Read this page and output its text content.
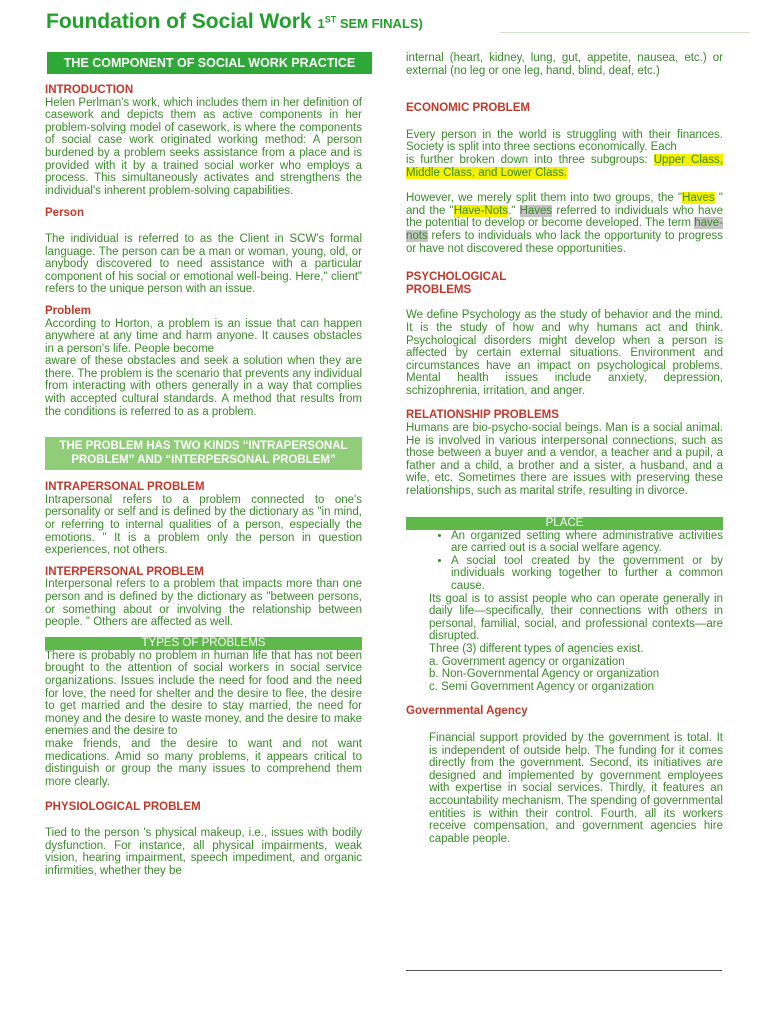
Foundation of Social Work 1ST SEM FINALS)
THE COMPONENT OF SOCIAL WORK PRACTICE
INTRODUCTION

Helen Perlman's work, which includes them in her definition of casework and depicts them as active components in her problem-solving model of casework, is where the components of social case work originated working method: A person burdened by a problem seeks assistance from a place and is provided with it by a trained social worker who employs a process. This simultaneously activates and strengthens the individual's inherent problem-solving capabilities.

Person

The individual is referred to as the Client in SCW's formal language. The person can be a man or woman, young, old, or anybody discovered to need assistance with a particular component of his social or emotional well-being. Here," client" refers to the unique person with an issue.

Problem

According to Horton, a problem is an issue that can happen anywhere at any time and harm anyone. It causes obstacles in a person's life. People become

aware of these obstacles and seek a solution when they are there. The problem is the scenario that prevents any individual from interacting with others generally in a way that complies with accepted cultural standards. A method that results from the conditions is referred to as a problem.

THE PROBLEM HAS TWO KINDS “INTRAPERSONAL PROBLEM” AND “INTERPERSONAL PROBLEM”
INTRAPERSONAL PROBLEM

Intrapersonal refers to a problem connected to one's personality or self and is defined by the dictionary as "in mind, or referring to internal qualities of a person, especially the emotions. " It is a problem only the person in question experiences, not others.

INTERPERSONAL PROBLEM

Interpersonal refers to a problem that impacts more than one person and is defined by the dictionary as "between persons, or something about or involving the relationship between people. " Others are affected as well.

TYPES OF PROBLEMS

There is probably no problem in human life that has not been brought to the attention of social workers in social service organizations. Issues include the need for food and the need for love, the need for shelter and the desire to flee, the desire to get married and the desire to stay married, the need for money and the desire to waste money, and the desire to make enemies and the desire to

make friends, and the desire to want and not want medications. Amid so many problems, it appears critical to distinguish or group the many issues to comprehend them more clearly.

PHYSIOLOGICAL PROBLEM

Tied to the person 's physical makeup, i.e., issues with bodily dysfunction. For instance, all physical impairments, weak vision, hearing impairment, speech impediment, and organic infirmities, whether they be

internal (heart, kidney, lung, gut, appetite, nausea, etc.) or external (no leg or one leg, hand, blind, deaf, etc.)

ECONOMIC PROBLEM

Every person in the world is struggling with their finances. Society is split into three sections economically. Each

is further broken down into three subgroups: Upper Class, Middle Class, and Lower Class.

However, we merely split them into two groups, the "Haves " and the "Have-Nots." Haves referred to individuals who have the potential to develop or become developed. The term have-nots refers to individuals who lack the opportunity to progress or have not discovered these opportunities.

PSYCHOLOGICAL
PROBLEMS

We define Psychology as the study of behavior and the mind. It is the study of how and why humans act and think. Psychological disorders might develop when a person is affected by certain external situations. Environment and circumstances have an impact on psychological problems. Mental health issues include anxiety, depression, schizophrenia, irritation, and anger.

RELATIONSHIP PROBLEMS

Humans are bio-psycho-social beings. Man is a social animal. He is involved in various interpersonal connections, such as those between a buyer and a vendor, a teacher and a pupil, a father and a child, a brother and a sister, a husband, and a wife, etc. Sometimes there are issues with preserving these relationships, such as marital strife, resulting in divorce.

PLACE
• An organized setting where administrative activities are carried out is a social welfare agency.
• A social tool created by the government or by individuals working together to further a common cause.

Its goal is to assist people who can operate generally in daily life—specifically, their connections with others in personal, familial, social, and professional contexts—are disrupted.

Three (3) different types of agencies exist.
a. Government agency or organization
b. Non-Governmental Agency or organization
c. Semi Government Agency or organization
Governmental Agency

Financial support provided by the government is total. It is independent of outside help. The funding for it comes directly from the government. Second, its initiatives are designed and implemented by government employees with expertise in social services. Thirdly, it features an accountability mechanism. The spending of governmental entities is within their control. Fourth, all its workers receive compensation, and government agencies hire capable people.
